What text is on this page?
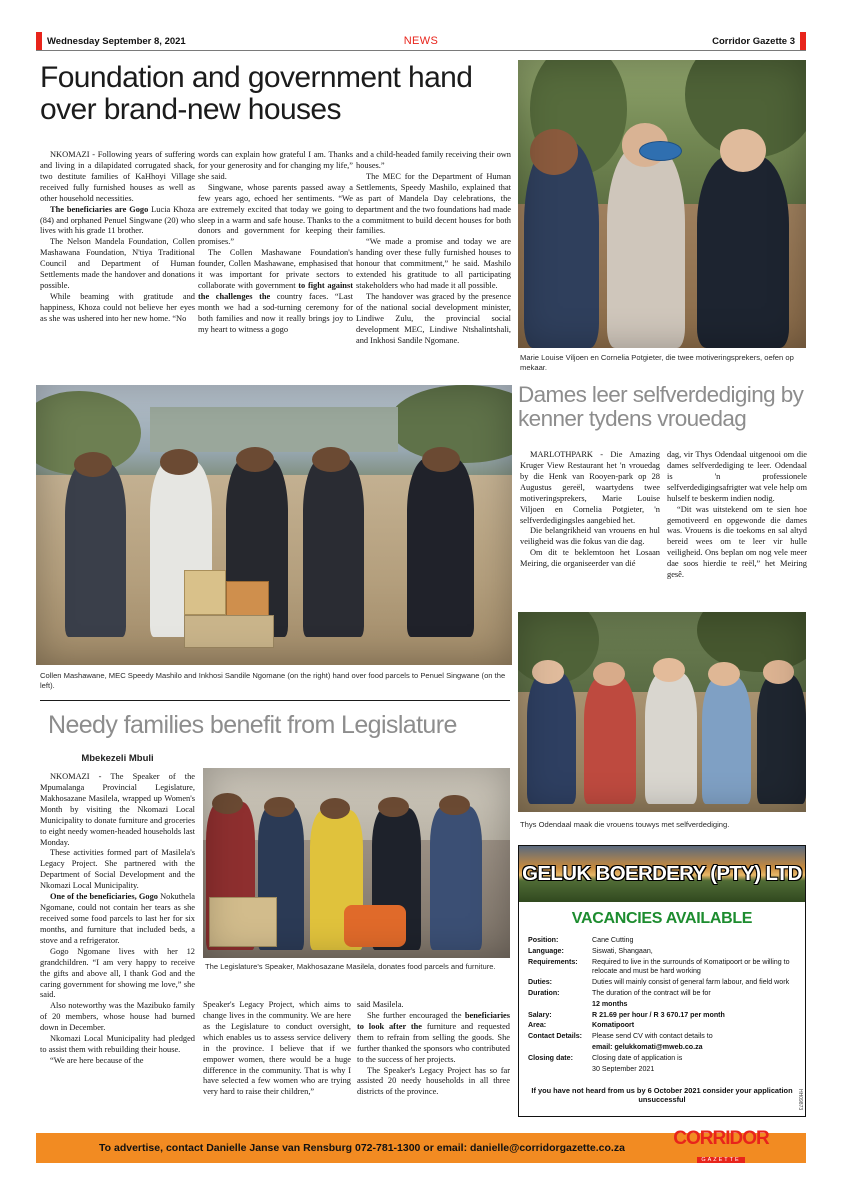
Wednesday September 8, 2021	NEWS	Corridor Gazette 3
Foundation and government hand over brand-new houses

NKOMAZI - Following years of suffering and living in a dilapidated corrugated shack, two destitute families of KaHhoyi Village received fully furnished houses as well as other household necessities.

The beneficiaries are Gogo Lucia Khoza (84) and orphaned Penuel Singwane (20) who lives with his grade 11 brother.

The Nelson Mandela Foundation, Collen Mashawana Foundation, N'tiya Traditional Council and Department of Human Settlements made the handover and donations possible.

While beaming with gratitude and happiness, Khoza could not believe her eyes as she was ushered into her new home. “No

words can explain how grateful I am. Thanks for your generosity and for changing my life,” she said.

Singwane, whose parents passed away a few years ago, echoed her sentiments. “We are extremely excited that today we going to sleep in a warm and safe house. Thanks to the donors and government for keeping their promises.”

The Collen Mashawane Foundation's founder, Collen Mashawane, emphasised that it was important for private sectors to collaborate with government to fight against the challenges the country faces. “Last month we had a sod-turning ceremony for both families and now it really brings joy to my heart to witness a gogo

and a child-headed family receiving their own houses.”

The MEC for the Department of Human Settlements, Speedy Mashilo, explained that as part of Mandela Day celebrations, the department and the two foundations had made a commitment to build decent houses for both families.

“We made a promise and today we are handing over these fully furnished houses to honour that commitment,” he said. Mashilo extended his gratitude to all participating stakeholders who had made it all possible.

The handover was graced by the presence of the national social development minister, Lindiwe Zulu, the provincial social development MEC, Lindiwe Ntshalintshali, and Inkhosi Sandile Ngomane.

Marie Louise Viljoen en Cornelia Potgieter, die twee motiveringsprekers, oefen op mekaar.
Dames leer selfverdediging by kenner tydens vrouedag

MARLOTHPARK - Die Amazing Kruger View Restaurant het 'n vrouedag by die Henk van Rooyen-park op 28 Augustus gereël, waartydens twee motiveringsprekers, Marie Louise Viljoen en Cornelia Potgieter, 'n selfverdedigingsles aangebied het.

Die belangrikheid van vrouens en hul veiligheid was die fokus van die dag.

Om dit te beklemtoon het Losaan Meiring, die organiseerder van dié

dag, vir Thys Odendaal uitgenooi om die dames selfverdediging te leer. Odendaal is 'n professionele selfverdedigingsafrigter wat vele help om hulself te beskerm indien nodig.

“Dit was uitstekend om te sien hoe gemotiveerd en opgewonde die dames was. Vrouens is die toekoms en sal altyd bereid wees om te leer vir hulle veiligheid. Ons beplan om nog vele meer dae soos hierdie te reël,” het Meiring gesê.

Collen Mashawane, MEC Speedy Mashilo and Inkhosi Sandile Ngomane (on the right) hand over food parcels to Penuel Singwane (on the left).
Needy families benefit from Legislature
Mbekezeli Mbuli

NKOMAZI - The Speaker of the Mpumalanga Provincial Legislature, Makhosazane Masilela, wrapped up Women's Month by visiting the Nkomazi Local Municipality to donate furniture and groceries to eight needy women-headed households last Monday.

These activities formed part of Masilela's Legacy Project. She partnered with the Department of Social Development and the Nkomazi Local Municipality.

One of the beneficiaries, Gogo Nokuthela Ngomane, could not contain her tears as she received some food parcels to last her for six months, and furniture that included beds, a stove and a refrigerator.

Gogo Ngomane lives with her 12 grandchildren. “I am very happy to receive the gifts and above all, I thank God and the caring government for showing me love,” she said.

Also noteworthy was the Mazibuko family of 20 members, whose house had burned down in December.

Nkomazi Local Municipality had pledged to assist them with rebuilding their house.

“We are here because of the

The Legislature's Speaker, Makhosazane Masilela, donates food parcels and furniture.

Speaker's Legacy Project, which aims to change lives in the community. We are here as the Legislature to conduct oversight, which enables us to assess service delivery in the province. I believe that if we empower women, there would be a huge difference in the community. That is why I have selected a few women who are trying very hard to raise their children,”

said Masilela.

She further encouraged the beneficiaries to look after the furniture and requested them to refrain from selling the goods. She further thanked the sponsors who contributed to the success of her projects.

The Speaker's Legacy Project has so far assisted 20 needy households in all three districts of the province.

Thys Odendaal maak die vrouens touwys met selfverdediging.
GELUK BOERDERY (PTY) LTD
VACANCIES AVAILABLE
Position:	Cane Cutting
Language:	Siswati, Shangaan,
Requirements:	Required to live in the surrounds of Komatipoort or be willing to relocate and must be hard working
Duties:	Duties will mainly consist of general farm labour, and field work
Duration:	The duration of the contract will be for
12 months
Salary:	R 21.69 per hour / R 3 670.17 per month
Area:	Komatipoort
Contact Details:	Please send CV with contact details to
email: gelukkomati@mweb.co.za
Closing date:	Closing date of application is
30 September 2021
If you have not heard from us by 6 October 2021 consider your application unsuccessful	HH09873
To advertise, contact Danielle Janse van Rensburg 072-781-1300 or email: danielle@corridorgazette.co.za	CORRIDOR
GAZETTE
